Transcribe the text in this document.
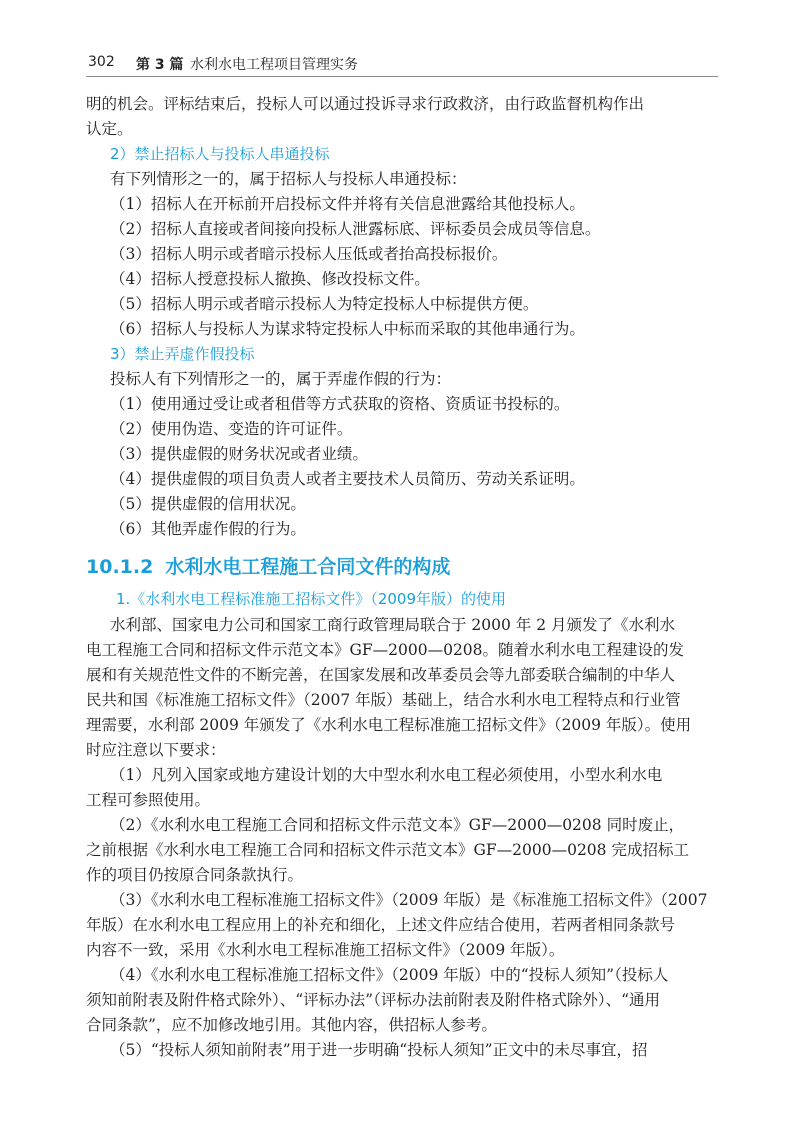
302 第 3 篇 水利水电工程项目管理实务

明的机会。评标结束后，投标人可以通过投诉寻求行政救济，由行政监督机构作出

认定。

2）禁止招标人与投标人串通投标

有下列情形之一的，属于招标人与投标人串通投标：

（1）招标人在开标前开启投标文件并将有关信息泄露给其他投标人。

（2）招标人直接或者间接向投标人泄露标底、评标委员会成员等信息。

（3）招标人明示或者暗示投标人压低或者抬高投标报价。

（4）招标人授意投标人撤换、修改投标文件。

（5）招标人明示或者暗示投标人为特定投标人中标提供方便。

（6）招标人与投标人为谋求特定投标人中标而采取的其他串通行为。

3）禁止弄虚作假投标

投标人有下列情形之一的，属于弄虚作假的行为：

（1）使用通过受让或者租借等方式获取的资格、资质证书投标的。

（2）使用伪造、变造的许可证件。

（3）提供虚假的财务状况或者业绩。

（4）提供虚假的项目负责人或者主要技术人员简历、劳动关系证明。

（5）提供虚假的信用状况。

（6）其他弄虚作假的行为。

10.1.2 水利水电工程施工合同文件的构成

1.《水利水电工程标准施工招标文件》（2009年版）的使用

水利部、国家电力公司和国家工商行政管理局联合于 2000 年 2 月颁发了《水利水

电工程施工合同和招标文件示范文本》GF—2000—0208。随着水利水电工程建设的发

展和有关规范性文件的不断完善，在国家发展和改革委员会等九部委联合编制的中华人

民共和国《标准施工招标文件》（2007 年版）基础上，结合水利水电工程特点和行业管

理需要，水利部 2009 年颁发了《水利水电工程标准施工招标文件》（2009 年版）。使用

时应注意以下要求：

（1）凡列入国家或地方建设计划的大中型水利水电工程必须使用，小型水利水电

工程可参照使用。

（2）《水利水电工程施工合同和招标文件示范文本》GF—2000—0208 同时废止，

之前根据《水利水电工程施工合同和招标文件示范文本》GF—2000—0208 完成招标工

作的项目仍按原合同条款执行。

（3）《水利水电工程标准施工招标文件》（2009 年版）是《标准施工招标文件》（2007

年版）在水利水电工程应用上的补充和细化，上述文件应结合使用，若两者相同条款号

内容不一致，采用《水利水电工程标准施工招标文件》（2009 年版）。

（4）《水利水电工程标准施工招标文件》（2009 年版）中的“投标人须知”（投标人

须知前附表及附件格式除外）、“评标办法”（评标办法前附表及附件格式除外）、“通用

合同条款”，应不加修改地引用。其他内容，供招标人参考。

（5）“投标人须知前附表”用于进一步明确“投标人须知”正文中的未尽事宜，招
